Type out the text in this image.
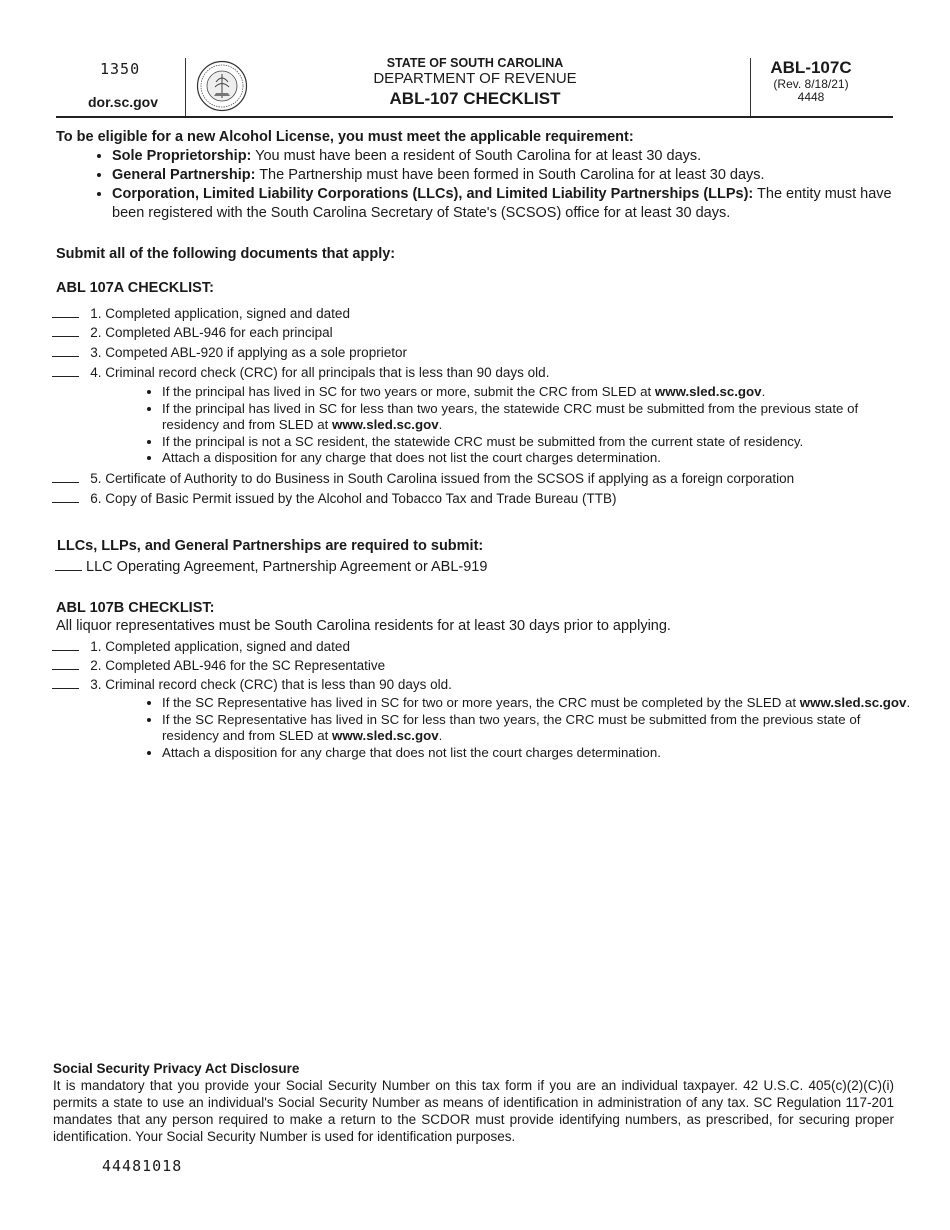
1350
dor.sc.gov
STATE OF SOUTH CAROLINA
DEPARTMENT OF REVENUE
ABL-107 CHECKLIST
ABL-107C
(Rev. 8/18/21)
4448
To be eligible for a new Alcohol License, you must meet the applicable requirement:
• Sole Proprietorship: You must have been a resident of South Carolina for at least 30 days.
• General Partnership: The Partnership must have been formed in South Carolina for at least 30 days.
• Corporation, Limited Liability Corporations (LLCs), and Limited Liability Partnerships (LLPs): The entity must have been registered with the South Carolina Secretary of State's (SCSOS) office for at least 30 days.
Submit all of the following documents that apply:
ABL 107A CHECKLIST:
1. Completed application, signed and dated
2. Completed ABL-946 for each principal
3. Competed ABL-920 if applying as a sole proprietor
4. Criminal record check (CRC) for all principals that is less than 90 days old.
• If the principal has lived in SC for two years or more, submit the CRC from SLED at www.sled.sc.gov.
• If the principal has lived in SC for less than two years, the statewide CRC must be submitted from the previous state of residency and from SLED at www.sled.sc.gov.
• If the principal is not a SC resident, the statewide CRC must be submitted from the current state of residency.
• Attach a disposition for any charge that does not list the court charges determination.
5. Certificate of Authority to do Business in South Carolina issued from the SCSOS if applying as a foreign corporation
6. Copy of Basic Permit issued by the Alcohol and Tobacco Tax and Trade Bureau (TTB)
LLCs, LLPs, and General Partnerships are required to submit:
LLC Operating Agreement, Partnership Agreement or ABL-919
ABL 107B CHECKLIST:
All liquor representatives must be South Carolina residents for at least 30 days prior to applying.
1. Completed application, signed and dated
2. Completed ABL-946 for the SC Representative
3. Criminal record check (CRC) that is less than 90 days old.
• If the SC Representative has lived in SC for two or more years, the CRC must be completed by the SLED at www.sled.sc.gov.
• If the SC Representative has lived in SC for less than two years, the CRC must be submitted from the previous state of residency and from SLED at www.sled.sc.gov.
• Attach a disposition for any charge that does not list the court charges determination.
Social Security Privacy Act Disclosure
It is mandatory that you provide your Social Security Number on this tax form if you are an individual taxpayer. 42 U.S.C. 405(c)(2)(C)(i) permits a state to use an individual's Social Security Number as means of identification in administration of any tax. SC Regulation 117-201 mandates that any person required to make a return to the SCDOR must provide identifying numbers, as prescribed, for securing proper identification. Your Social Security Number is used for identification purposes.
44481018
